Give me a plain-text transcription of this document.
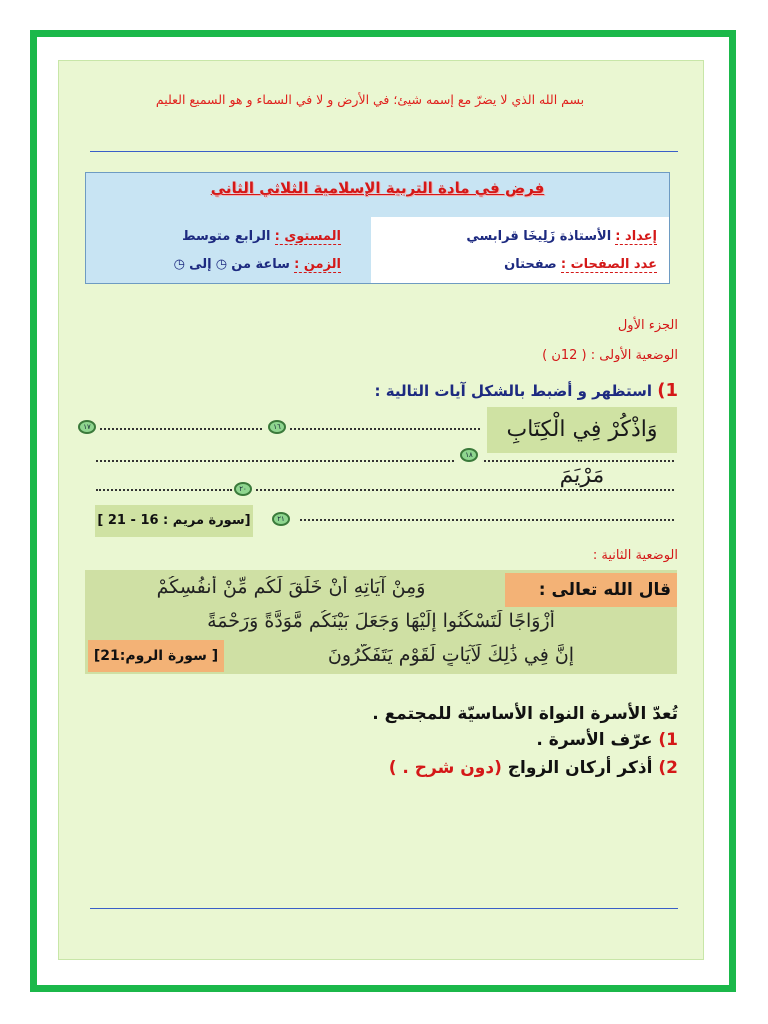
بسم الله الذي لا يضرّ مع إسمه شيئ؛ في الأرض و لا في السماء و هو السميع العليم
فرض في مادة التربية الإسلامية الثلاثي الثاني
المستوى : الرابع متوسط
الزمن : ساعة من ◷ إلى ◷
إعداد : الأستاذة زَلِيخَا قرابسي
عدد الصفحات : صفحتان
الجزء الأول
الوضعية الأولى : ( 12ن )
1) استظهر و أضبط بالشكل آيات التالية :
وَاذْكُرْ فِي الْكِتَابِ مَرْيَمَ
١٦
١٧
١٨
٢٠
[سورة مريم : 16 - 21 ]	٢١
الوضعية الثانية :
وَمِنْ آيَاتِهِ أَنْ خَلَقَ لَكُم مِّنْ أَنفُسِكُمْ
أَزْوَاجًا لِّتَسْكُنُوا إِلَيْهَا وَجَعَلَ بَيْنَكُم مَّوَدَّةً وَرَحْمَةً
إِنَّ فِي ذَٰلِكَ لَآيَاتٍ لِّقَوْمٍ يَتَفَكَّرُونَ
قال الله تعالى :
[ سورة الروم:21]
تُعدّ الأسرة النواة الأساسيّة للمجتمع .
1) عرّف الأسرة .
2) أذكر أركان الزواج (دون شرح . )
